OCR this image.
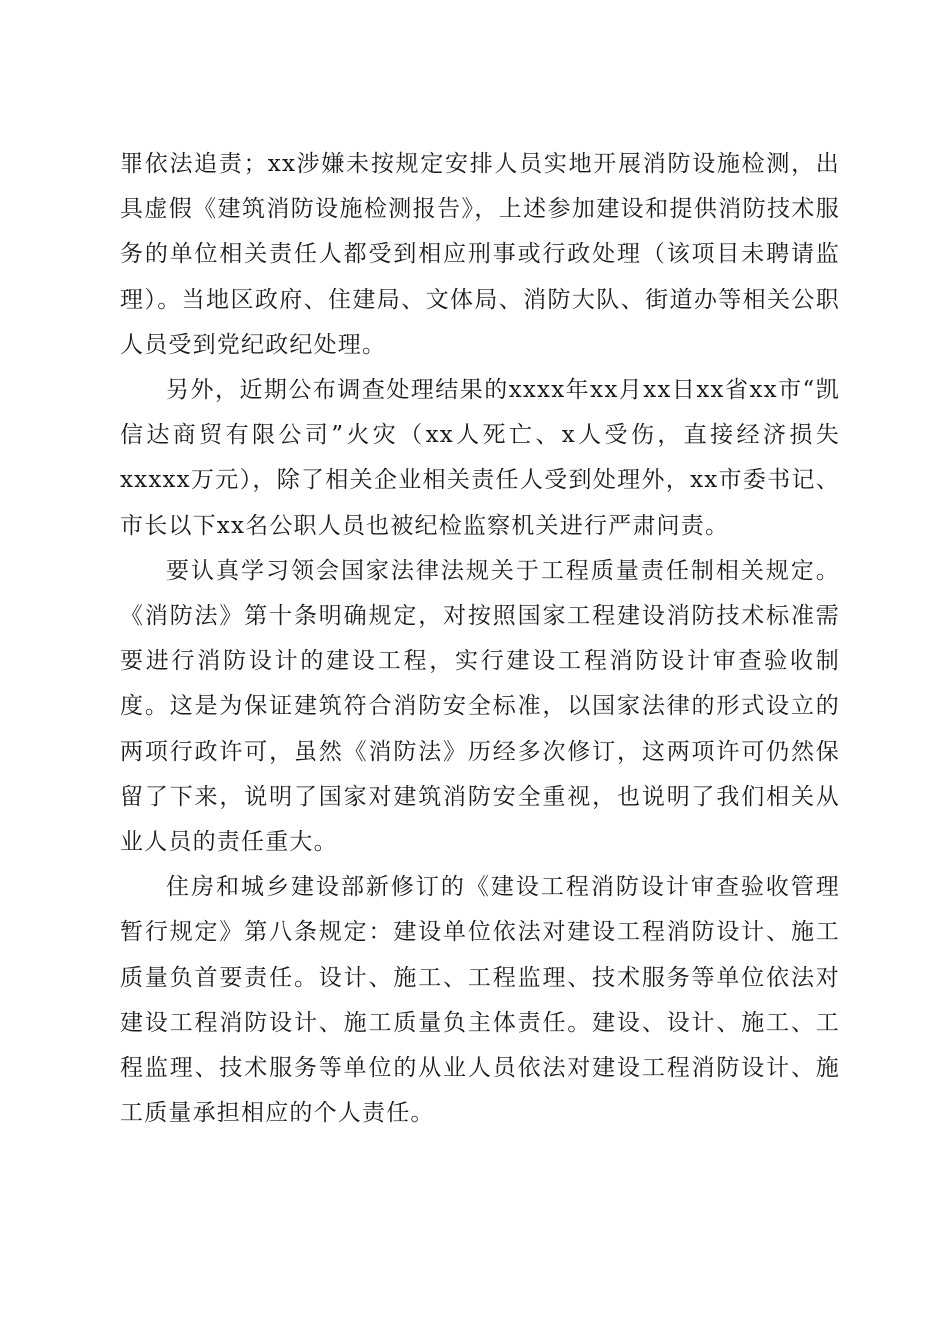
罪依法追责；xx涉嫌未按规定安排人员实地开展消防设施检测，出具虚假《建筑消防设施检测报告》，上述参加建设和提供消防技术服务的单位相关责任人都受到相应刑事或行政处理（该项目未聘请监理）。当地区政府、住建局、文体局、消防大队、街道办等相关公职人员受到党纪政纪处理。

另外，近期公布调查处理结果的xxxx年xx月xx日xx省xx市“凯信达商贸有限公司”火灾（xx人死亡、x人受伤，直接经济损失xxxxx万元），除了相关企业相关责任人受到处理外，xx市委书记、市长以下xx名公职人员也被纪检监察机关进行严肃问责。

要认真学习领会国家法律法规关于工程质量责任制相关规定。《消防法》第十条明确规定，对按照国家工程建设消防技术标准需要进行消防设计的建设工程，实行建设工程消防设计审查验收制度。这是为保证建筑符合消防安全标准，以国家法律的形式设立的两项行政许可，虽然《消防法》历经多次修订，这两项许可仍然保留了下来，说明了国家对建筑消防安全重视，也说明了我们相关从业人员的责任重大。

住房和城乡建设部新修订的《建设工程消防设计审查验收管理暂行规定》第八条规定：建设单位依法对建设工程消防设计、施工质量负首要责任。设计、施工、工程监理、技术服务等单位依法对建设工程消防设计、施工质量负主体责任。建设、设计、施工、工程监理、技术服务等单位的从业人员依法对建设工程消防设计、施工质量承担相应的个人责任。
